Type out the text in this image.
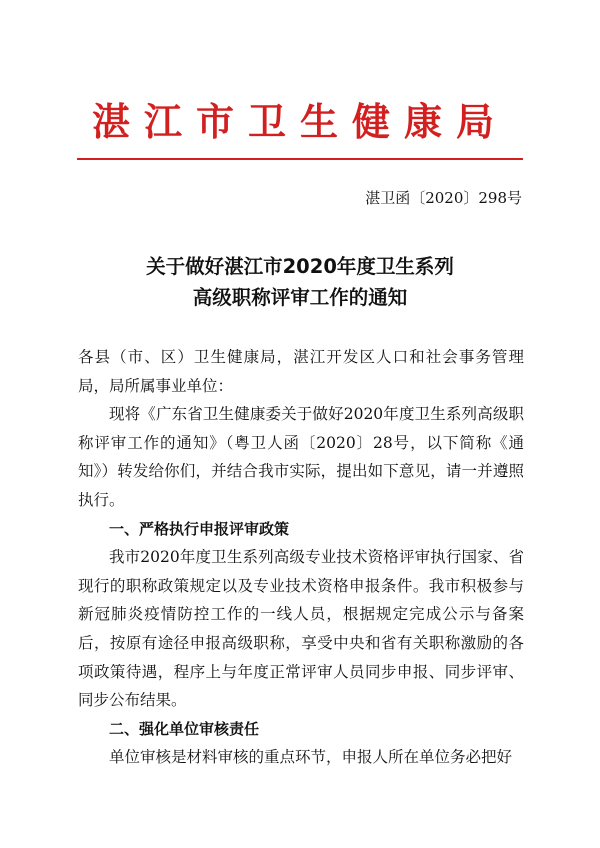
湛江市卫生健康局
湛卫函〔2020〕298号
关于做好湛江市2020年度卫生系列
高级职称评审工作的通知

各县（市、区）卫生健康局，湛江开发区人口和社会事务管理局，局所属事业单位：

现将《广东省卫生健康委关于做好2020年度卫生系列高级职称评审工作的通知》（粤卫人函〔2020〕28号，以下简称《通知》）转发给你们，并结合我市实际，提出如下意见，请一并遵照执行。

一、严格执行申报评审政策

我市2020年度卫生系列高级专业技术资格评审执行国家、省现行的职称政策规定以及专业技术资格申报条件。我市积极参与新冠肺炎疫情防控工作的一线人员，根据规定完成公示与备案后，按原有途径申报高级职称，享受中央和省有关职称激励的各项政策待遇，程序上与年度正常评审人员同步申报、同步评审、同步公布结果。

二、强化单位审核责任

单位审核是材料审核的重点环节，申报人所在单位务必把好
